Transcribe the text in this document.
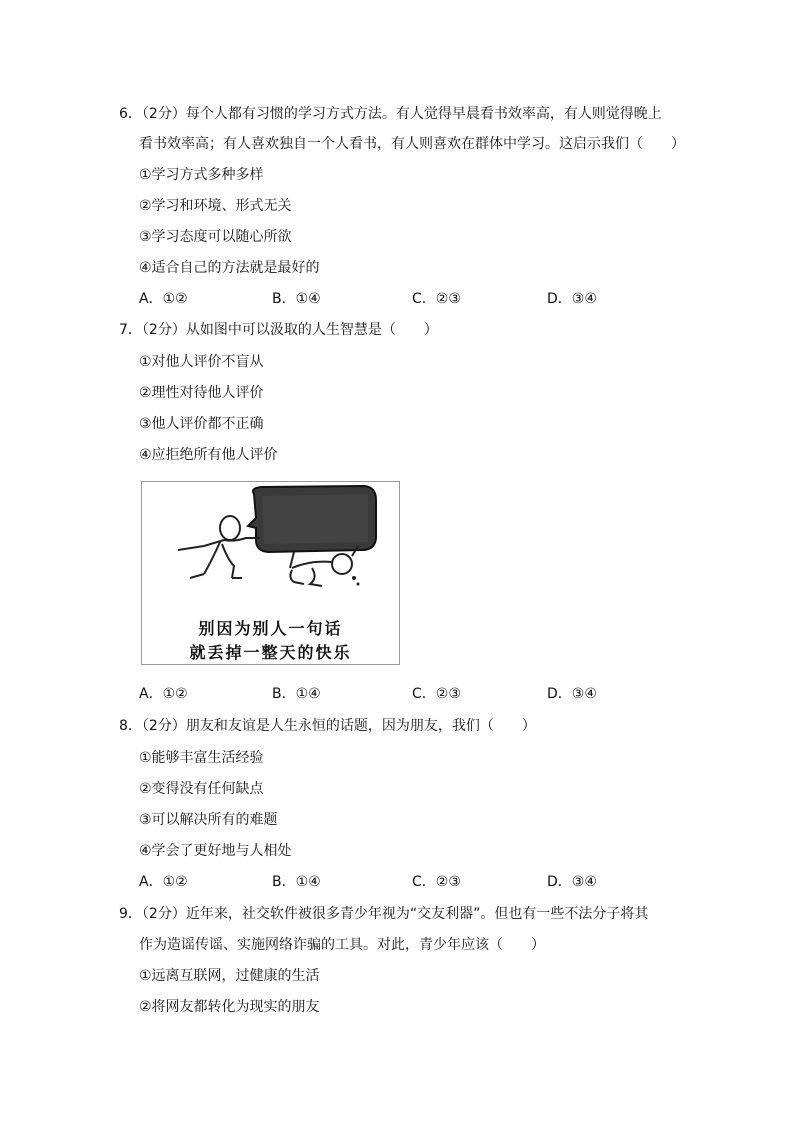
6．（2分）每个人都有习惯的学习方式方法。有人觉得早晨看书效率高，有人则觉得晚上
看书效率高；有人喜欢独自一个人看书，有人则喜欢在群体中学习。这启示我们（　　）
①学习方式多种多样
②学习和环境、形式无关
③学习态度可以随心所欲
④适合自己的方法就是最好的
A．①②	B．①④	C．②③	D．③④
7．（2分）从如图中可以汲取的人生智慧是（　　）
①对他人评价不盲从
②理性对待他人评价
③他人评价都不正确
④应拒绝所有他人评价
别因为别人一句话
就丢掉一整天的快乐
A．①②	B．①④	C．②③	D．③④
8．（2分）朋友和友谊是人生永恒的话题，因为朋友，我们（　　）
①能够丰富生活经验
②变得没有任何缺点
③可以解决所有的难题
④学会了更好地与人相处
A．①②	B．①④	C．②③	D．③④
9．（2分）近年来，社交软件被很多青少年视为“交友利器”。但也有一些不法分子将其
作为造谣传谣、实施网络诈骗的工具。对此，青少年应该（　　）
①远离互联网，过健康的生活
②将网友都转化为现实的朋友
